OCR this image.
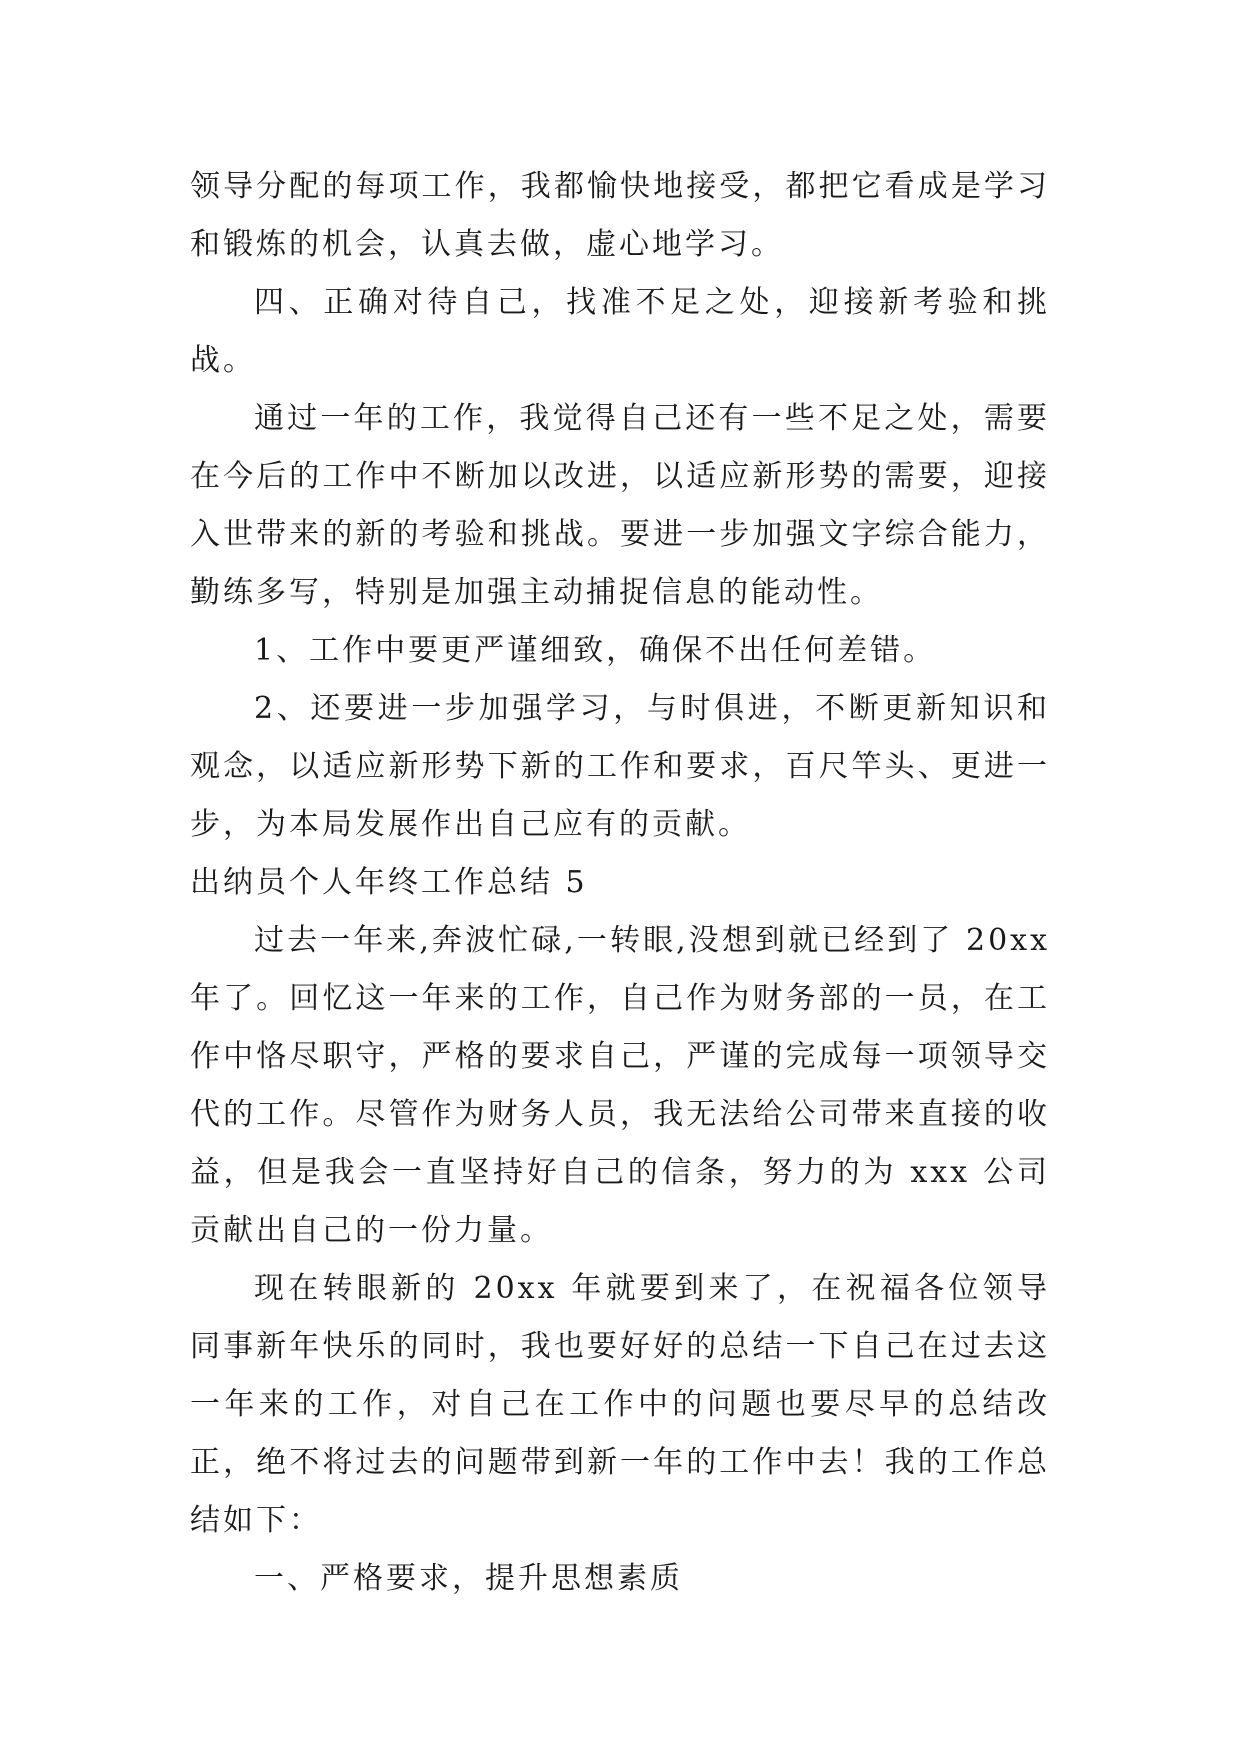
领导分配的每项工作，我都愉快地接受，都把它看成是学习和锻炼的机会，认真去做，虚心地学习。

四、正确对待自己，找准不足之处，迎接新考验和挑战。

通过一年的工作，我觉得自己还有一些不足之处，需要在今后的工作中不断加以改进，以适应新形势的需要，迎接入世带来的新的考验和挑战。要进一步加强文字综合能力，勤练多写，特别是加强主动捕捉信息的能动性。

1、工作中要更严谨细致，确保不出任何差错。

2、还要进一步加强学习，与时俱进，不断更新知识和观念，以适应新形势下新的工作和要求，百尺竿头、更进一步，为本局发展作出自己应有的贡献。

出纳员个人年终工作总结 5

过去一年来,奔波忙碌,一转眼,没想到就已经到了 20xx 年了。回忆这一年来的工作，自己作为财务部的一员，在工作中恪尽职守，严格的要求自己，严谨的完成每一项领导交代的工作。尽管作为财务人员，我无法给公司带来直接的收益，但是我会一直坚持好自己的信条，努力的为 xxx 公司贡献出自己的一份力量。

现在转眼新的 20xx 年就要到来了，在祝福各位领导同事新年快乐的同时，我也要好好的总结一下自己在过去这一年来的工作，对自己在工作中的问题也要尽早的总结改正，绝不将过去的问题带到新一年的工作中去！我的工作总结如下：

一、严格要求，提升思想素质
